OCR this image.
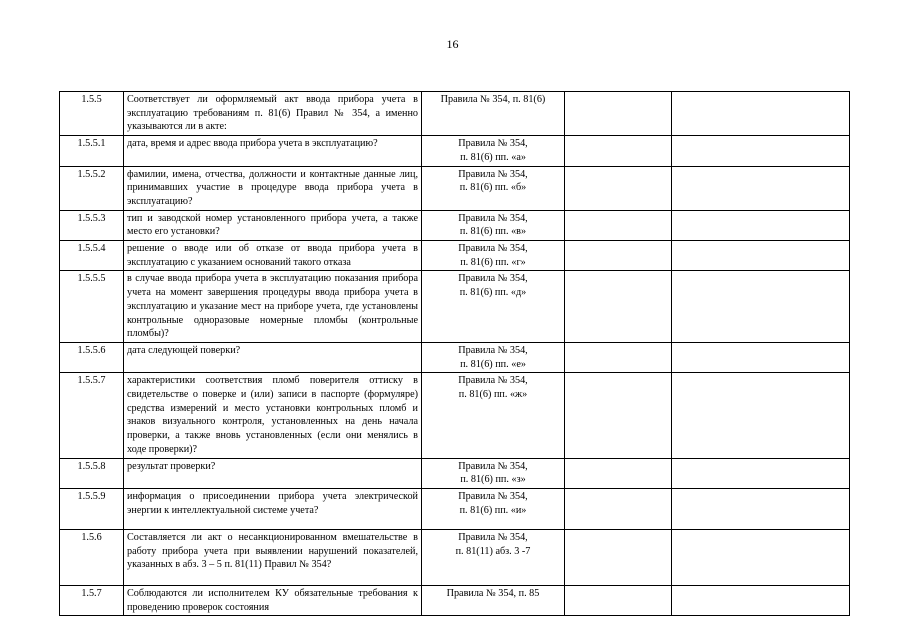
16
1.5.5	Соответствует ли оформляемый акт ввода прибора учета в эксплуатацию требованиям п. 81(6) Правил № 354, а именно указываются ли в акте:	Правила № 354, п. 81(6)		

1.5.5.1	дата, время и адрес ввода прибора учета в эксплуатацию?	Правила № 354,
п. 81(6) пп. «а»		

1.5.5.2	фамилии, имена, отчества, должности и контактные данные лиц, принимавших участие в процедуре ввода прибора учета в эксплуатацию?	Правила № 354,
п. 81(6) пп. «б»		

1.5.5.3	тип и заводской номер установленного прибора учета, а также место его установки?	Правила № 354,
п. 81(6) пп. «в»		

1.5.5.4	решение о вводе или об отказе от ввода прибора учета в эксплуатацию с указанием оснований такого отказа	Правила № 354,
п. 81(6) пп. «г»		

1.5.5.5	в случае ввода прибора учета в эксплуатацию показания прибора учета на момент завершения процедуры ввода прибора учета в эксплуатацию и указание мест на приборе учета, где установлены контрольные одноразовые номерные пломбы (контрольные пломбы)?	Правила № 354,
п. 81(6) пп. «д»		

1.5.5.6	дата следующей поверки?	Правила № 354,
п. 81(6) пп. «е»		

1.5.5.7	характеристики соответствия пломб поверителя оттиску в свидетельстве о поверке и (или) записи в паспорте (формуляре) средства измерений и место установки контрольных пломб и знаков визуального контроля, установленных на день начала проверки, а также вновь установленных (если они менялись в ходе проверки)?	Правила № 354,
п. 81(6) пп. «ж»		

1.5.5.8	результат проверки?	Правила № 354,
п. 81(6) пп. «з»		

1.5.5.9	информация о присоединении прибора учета электрической энергии к интеллектуальной системе учета?	Правила № 354,
п. 81(6) пп. «и»		

1.5.6	Составляется ли акт о несанкционированном вмешательстве в работу прибора учета при выявлении нарушений показателей, указанных в абз. 3 – 5 п. 81(11) Правил № 354?	Правила № 354,
п. 81(11) абз. 3 -7		

1.5.7	Соблюдаются ли исполнителем КУ обязательные требования к проведению проверок состояния	Правила № 354, п. 85		
